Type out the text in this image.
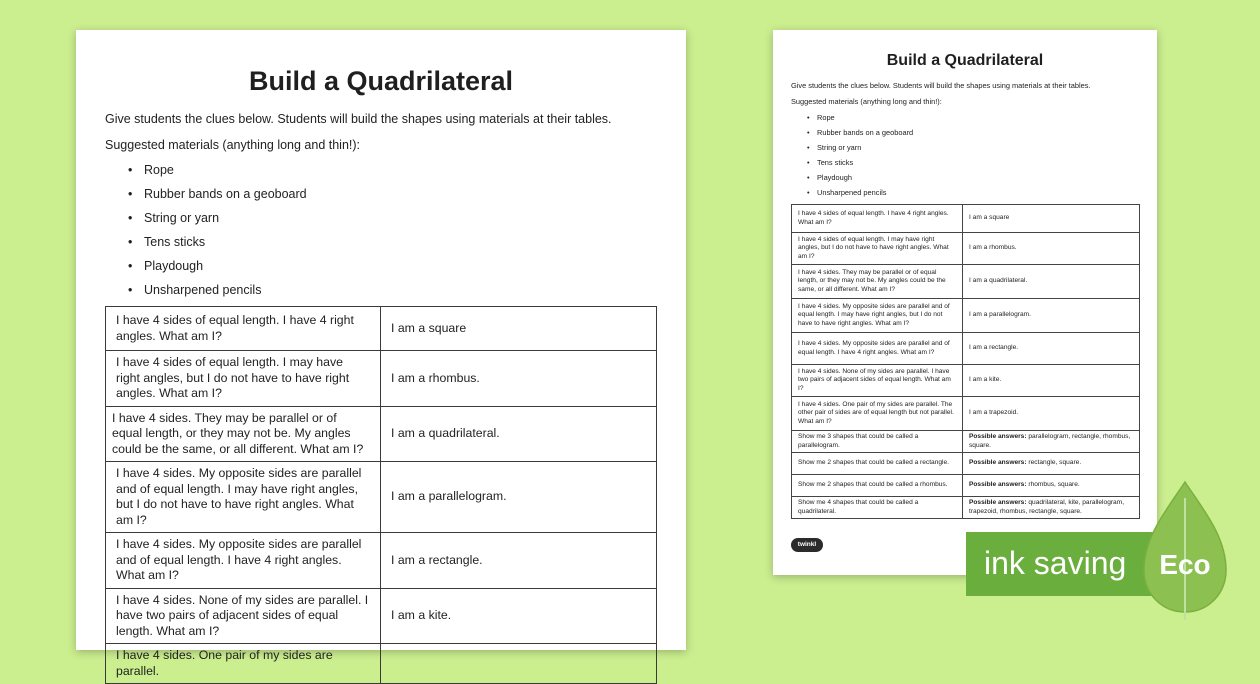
Build a Quadrilateral

Give students the clues below. Students will build the shapes using materials at their tables.

Suggested materials (anything long and thin!):

• Rope
• Rubber bands on a geoboard
• String or yarn
• Tens sticks
• Playdough
• Unsharpened pencils
I have 4 sides of equal length. I have 4 right angles. What am I?	I am a square
I have 4 sides of equal length. I may have right angles, but I do not have to have right angles. What am I?	I am a rhombus.
I have 4 sides. They may be parallel or of equal length, or they may not be. My angles could be the same, or all different. What am I?	I am a quadrilateral.
I have 4 sides. My opposite sides are parallel and of equal length. I may have right angles, but I do not have to have right angles. What am I?	I am a parallelogram.
I have 4 sides. My opposite sides are parallel and of equal length. I have 4 right angles. What am I?	I am a rectangle.
I have 4 sides. None of my sides are parallel. I have two pairs of adjacent sides of equal length. What am I?	I am a kite.
I have 4 sides. One pair of my sides are parallel.	
Build a Quadrilateral

Give students the clues below. Students will build the shapes using materials at their tables.

Suggested materials (anything long and thin!):

• Rope
• Rubber bands on a geoboard
• String or yarn
• Tens sticks
• Playdough
• Unsharpened pencils
I have 4 sides of equal length. I have 4 right angles. What am I?	I am a square
I have 4 sides of equal length. I may have right angles, but I do not have to have right angles. What am I?	I am a rhombus.
I have 4 sides. They may be parallel or of equal length, or they may not be. My angles could be the same, or all different. What am I?	I am a quadrilateral.
I have 4 sides. My opposite sides are parallel and of equal length. I may have right angles, but I do not have to have right angles. What am I?	I am a parallelogram.
I have 4 sides. My opposite sides are parallel and of equal length. I have 4 right angles. What am I?	I am a rectangle.
I have 4 sides. None of my sides are parallel. I have two pairs of adjacent sides of equal length. What am I?	I am a kite.
I have 4 sides. One pair of my sides are parallel. The other pair of sides are of equal length but not parallel. What am I?	I am a trapezoid.
Show me 3 shapes that could be called a parallelogram.	Possible answers: parallelogram, rectangle, rhombus, square.
Show me 2 shapes that could be called a rectangle.	Possible answers: rectangle, square.
Show me 2 shapes that could be called a rhombus.	Possible answers: rhombus, square.
Show me 4 shapes that could be called a quadrilateral.	Possible answers: quadrilateral, kite, parallelogram, trapezoid, rhombus, rectangle, square.
twinkl

ink saving Eco
